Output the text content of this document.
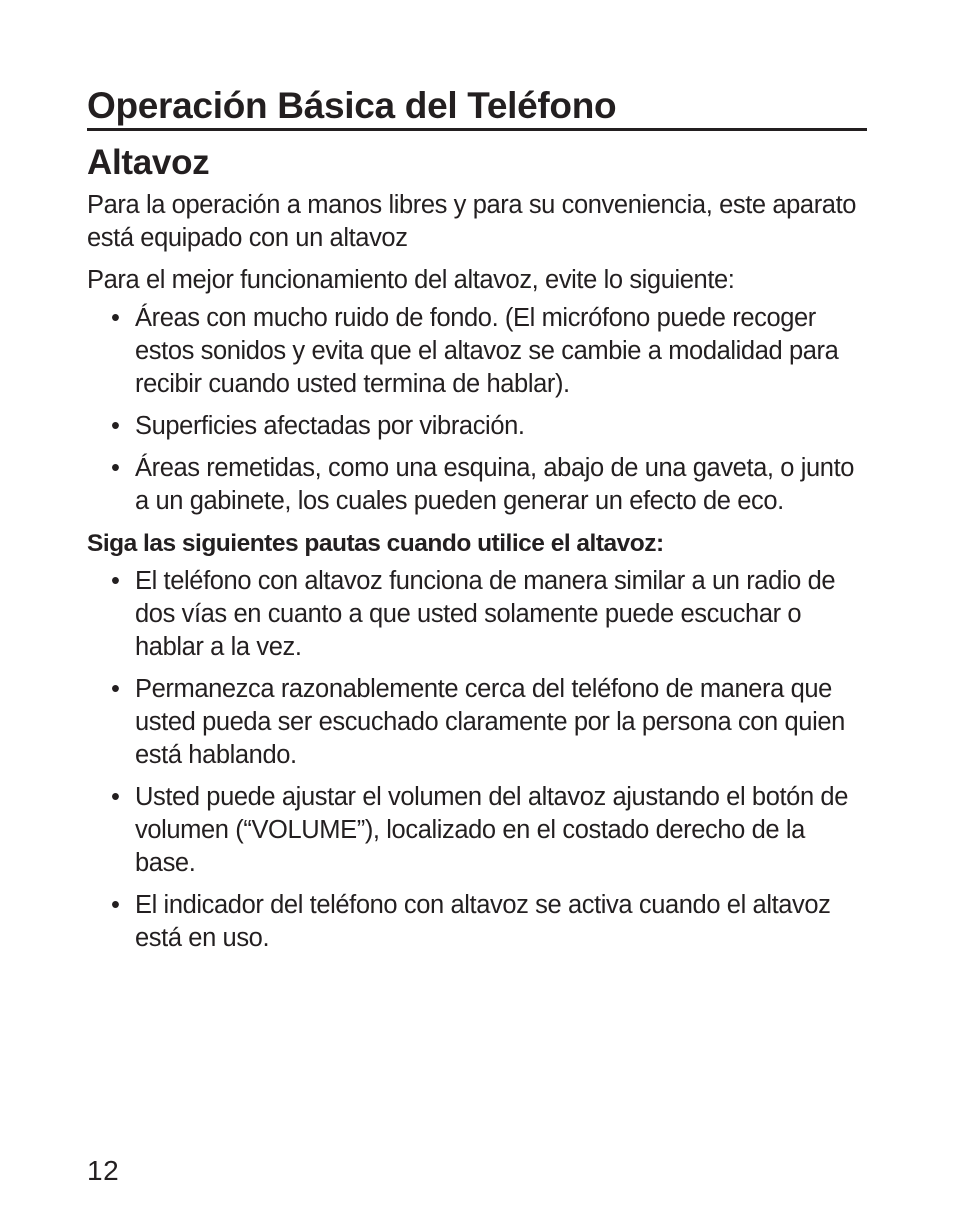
Operación Básica del Teléfono
Altavoz

Para la operación a manos libres y para su conveniencia, este aparato está equipado con un altavoz

Para el mejor funcionamiento del altavoz, evite lo siguiente:

• Áreas con mucho ruido de fondo. (El micrófono puede recoger estos sonidos y evita que el altavoz se cambie a modalidad para recibir cuando usted termina de hablar).
• Superficies afectadas por vibración.
• Áreas remetidas, como una esquina, abajo de una gaveta, o junto a un gabinete, los cuales pueden generar un efecto de eco.

Siga las siguientes pautas cuando utilice el altavoz:

• El teléfono con altavoz funciona de manera similar a un radio de dos vías en cuanto a que usted solamente puede escuchar o hablar a la vez.
• Permanezca razonablemente cerca del teléfono de manera que usted pueda ser escuchado claramente por la persona con quien está hablando.
• Usted puede ajustar el volumen del altavoz ajustando el botón de volumen (“VOLUME”), localizado en el costado derecho de la base.
• El indicador del teléfono con altavoz se activa cuando el altavoz está en uso.
12
